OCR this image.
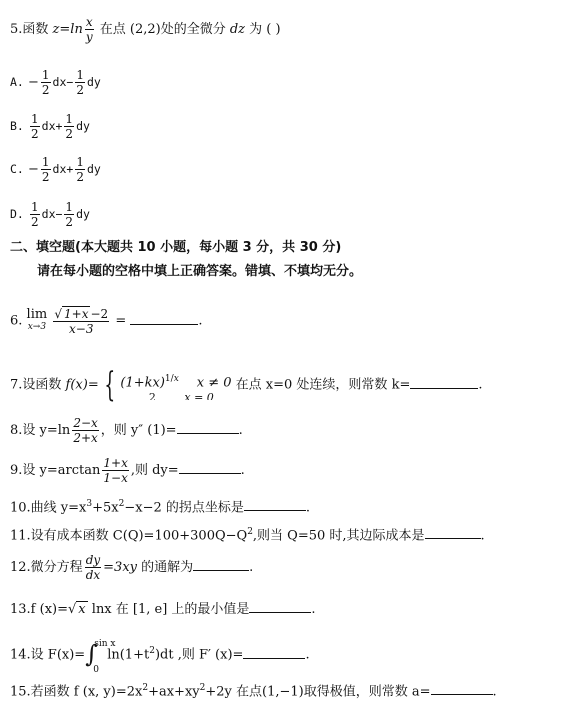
5.函数 $z=\ln \frac{x}{y}$ 在点 (2,2)处的全微分 dz 为 ( )
A. − $\frac{1}{2} dx- \frac{1}{2}$ dy
B. $\frac{1}{2} dx+ \frac{1}{2}$ dy
C. − $\frac{1}{2} dx+ \frac{1}{2}$ dy
D. $\frac{1}{2} dx- \frac{1}{2}$ dy
二、填空题(本大题共 10 小题，每小题 3 分，共 30 分)
请在每小题的空格中填上正确答案。错填、不填均无分。
6. lim
x→3
$\frac{√ 1+x -2}{x-3}$ =	.
7.设函数 f(x)= { $(1+kx)^{1/x}$ x ≠ 0
2	x = 0
在点 x=0 处连续，则常数 k=	.
8.设 $y=\ln \frac{2-x}{2+x}$ ，则 y″ (1)=	.
9.设 $y=\arctan \frac{1+x}{1-x}$ ,则 dy=	.
10.曲线 $y=x^3+5x^2-x-2$ 的拐点坐标是	.
11.设有成本函数 $C(Q)=100+300Q-Q^2$,则当 Q=50 时,其边际成本是	.
12.微分方程 $\frac{dy}{dx} =3xy$ 的通解为	.
13.f (x)=√ x lnx 在 [1, e] 上的最小值是	.
14.设 F(x)= ∫
sin x
0
$\ln(1+t^2)dt$ ,则 F′ (x)=	.
15.若函数 f (x, $y)=2x^2+ax+xy^2+2y$ 在点(1,−1)取得极值，则常数 a=	.
